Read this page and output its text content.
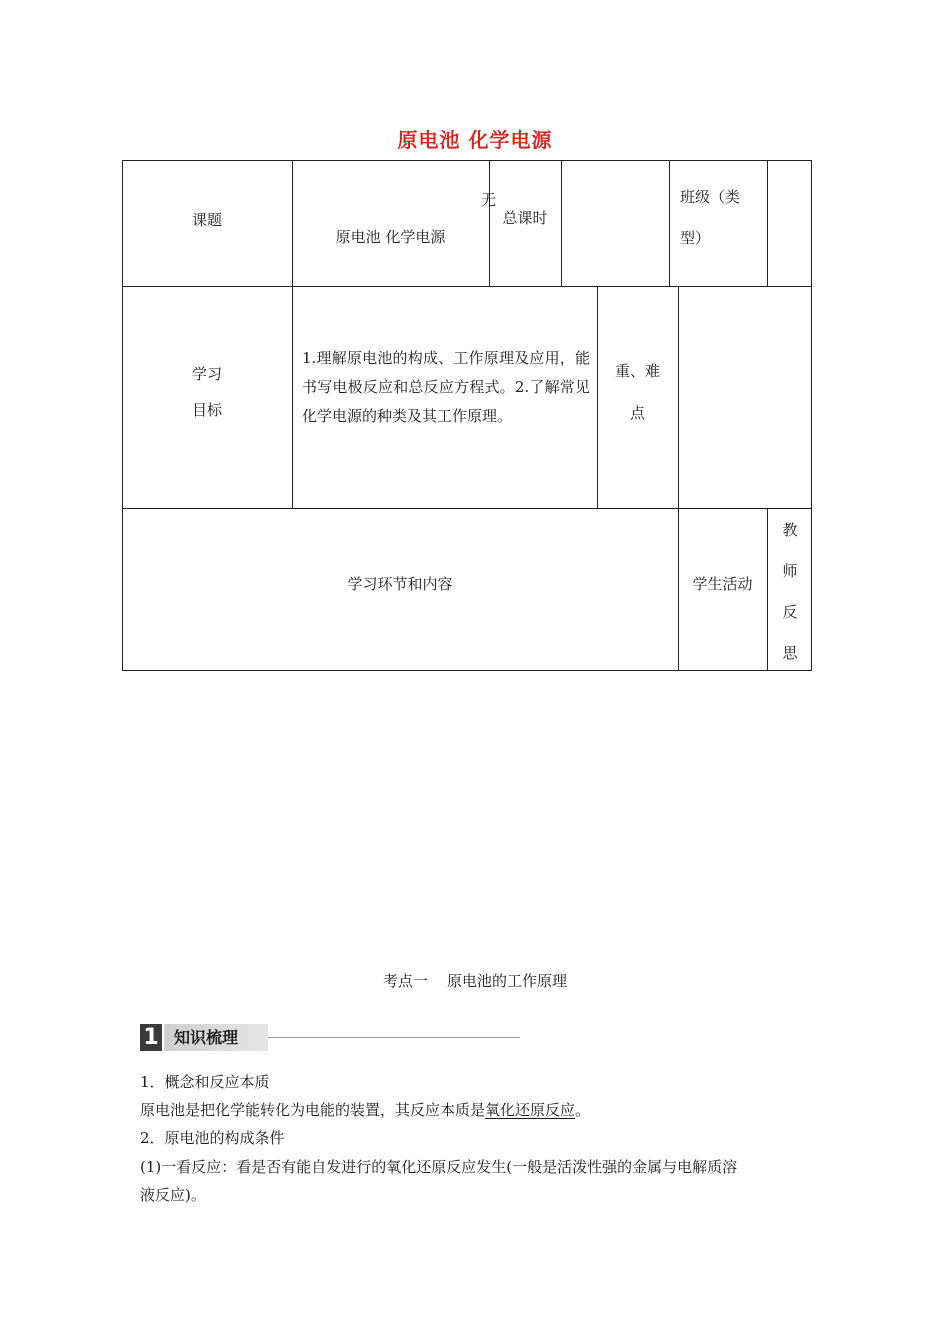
原电池 化学电源
课题
原电池 化学电源
无
总课时
班级（类
型）
学习
目标
1.理解原电池的构成、工作原理及应用，能书写电极反应和总反应方程式。2.了解常见化学电源的种类及其工作原理。
重、难
点
学习环节和内容	学生活动
教
师
反
思
考点一    原电池的工作原理
1 知识梳理
1．概念和反应本质
原电池是把化学能转化为电能的装置，其反应本质是氧化还原反应。
2．原电池的构成条件
(1)一看反应：看是否有能自发进行的氧化还原反应发生(一般是活泼性强的金属与电解质溶
液反应)。
